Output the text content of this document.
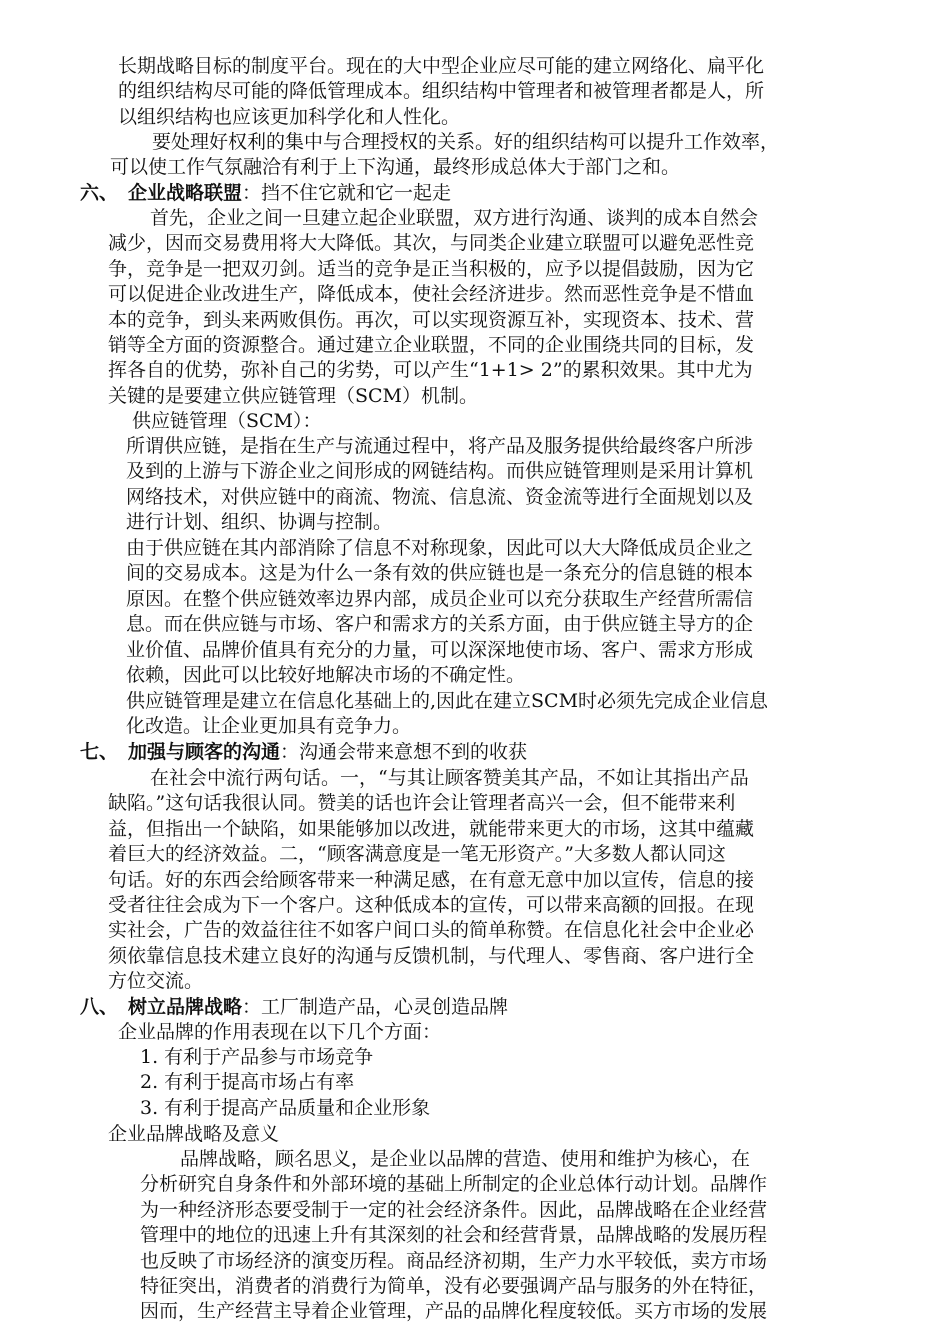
长期战略目标的制度平台。现在的大中型企业应尽可能的建立网络化、扁平化
的组织结构尽可能的降低管理成本。组织结构中管理者和被管理者都是人，所
以组织结构也应该更加科学化和人性化。
要处理好权利的集中与合理授权的关系。好的组织结构可以提升工作效率，
可以使工作气氛融洽有利于上下沟通，最终形成总体大于部门之和。
六、 企业战略联盟：挡不住它就和它一起走
首先，企业之间一旦建立起企业联盟，双方进行沟通、谈判的成本自然会
减少，因而交易费用将大大降低。其次，与同类企业建立联盟可以避免恶性竞
争，竞争是一把双刃剑。适当的竞争是正当积极的，应予以提倡鼓励，因为它
可以促进企业改进生产，降低成本，使社会经济进步。然而恶性竞争是不惜血
本的竞争，到头来两败俱伤。再次，可以实现资源互补，实现资本、技术、营
销等全方面的资源整合。通过建立企业联盟，不同的企业围绕共同的目标，发
挥各自的优势，弥补自己的劣势，可以产生“1+1> 2”的累积效果。其中尤为
关键的是要建立供应链管理（SCM）机制。
供应链管理（SCM）：
所谓供应链，是指在生产与流通过程中，将产品及服务提供给最终客户所涉
及到的上游与下游企业之间形成的网链结构。而供应链管理则是采用计算机
网络技术，对供应链中的商流、物流、信息流、资金流等进行全面规划以及
进行计划、组织、协调与控制。
由于供应链在其内部消除了信息不对称现象，因此可以大大降低成员企业之
间的交易成本。这是为什么一条有效的供应链也是一条充分的信息链的根本
原因。在整个供应链效率边界内部，成员企业可以充分获取生产经营所需信
息。而在供应链与市场、客户和需求方的关系方面，由于供应链主导方的企
业价值、品牌价值具有充分的力量，可以深深地使市场、客户、需求方形成
依赖，因此可以比较好地解决市场的不确定性。
供应链管理是建立在信息化基础上的,因此在建立SCM时必须先完成企业信息
化改造。让企业更加具有竞争力。
七、 加强与顾客的沟通：沟通会带来意想不到的收获
在社会中流行两句话。一，“与其让顾客赞美其产品，不如让其指出产品
缺陷。”这句话我很认同。赞美的话也许会让管理者高兴一会，但不能带来利
益，但指出一个缺陷，如果能够加以改进，就能带来更大的市场，这其中蕴藏
着巨大的经济效益。二，“顾客满意度是一笔无形资产。”大多数人都认同这
句话。好的东西会给顾客带来一种满足感，在有意无意中加以宣传，信息的接
受者往往会成为下一个客户。这种低成本的宣传，可以带来高额的回报。在现
实社会，广告的效益往往不如客户间口头的简单称赞。在信息化社会中企业必
须依靠信息技术建立良好的沟通与反馈机制，与代理人、零售商、客户进行全
方位交流。
八、 树立品牌战略：工厂制造产品，心灵创造品牌
企业品牌的作用表现在以下几个方面：
1. 有利于产品参与市场竞争
2. 有利于提高市场占有率
3. 有利于提高产品质量和企业形象
企业品牌战略及意义
品牌战略，顾名思义，是企业以品牌的营造、使用和维护为核心，在
分析研究自身条件和外部环境的基础上所制定的企业总体行动计划。品牌作
为一种经济形态要受制于一定的社会经济条件。因此，品牌战略在企业经营
管理中的地位的迅速上升有其深刻的社会和经营背景，品牌战略的发展历程
也反映了市场经济的演变历程。商品经济初期，生产力水平较低，卖方市场
特征突出，消费者的消费行为简单，没有必要强调产品与服务的外在特征，
因而，生产经营主导着企业管理，产品的品牌化程度较低。买方市场的发展
